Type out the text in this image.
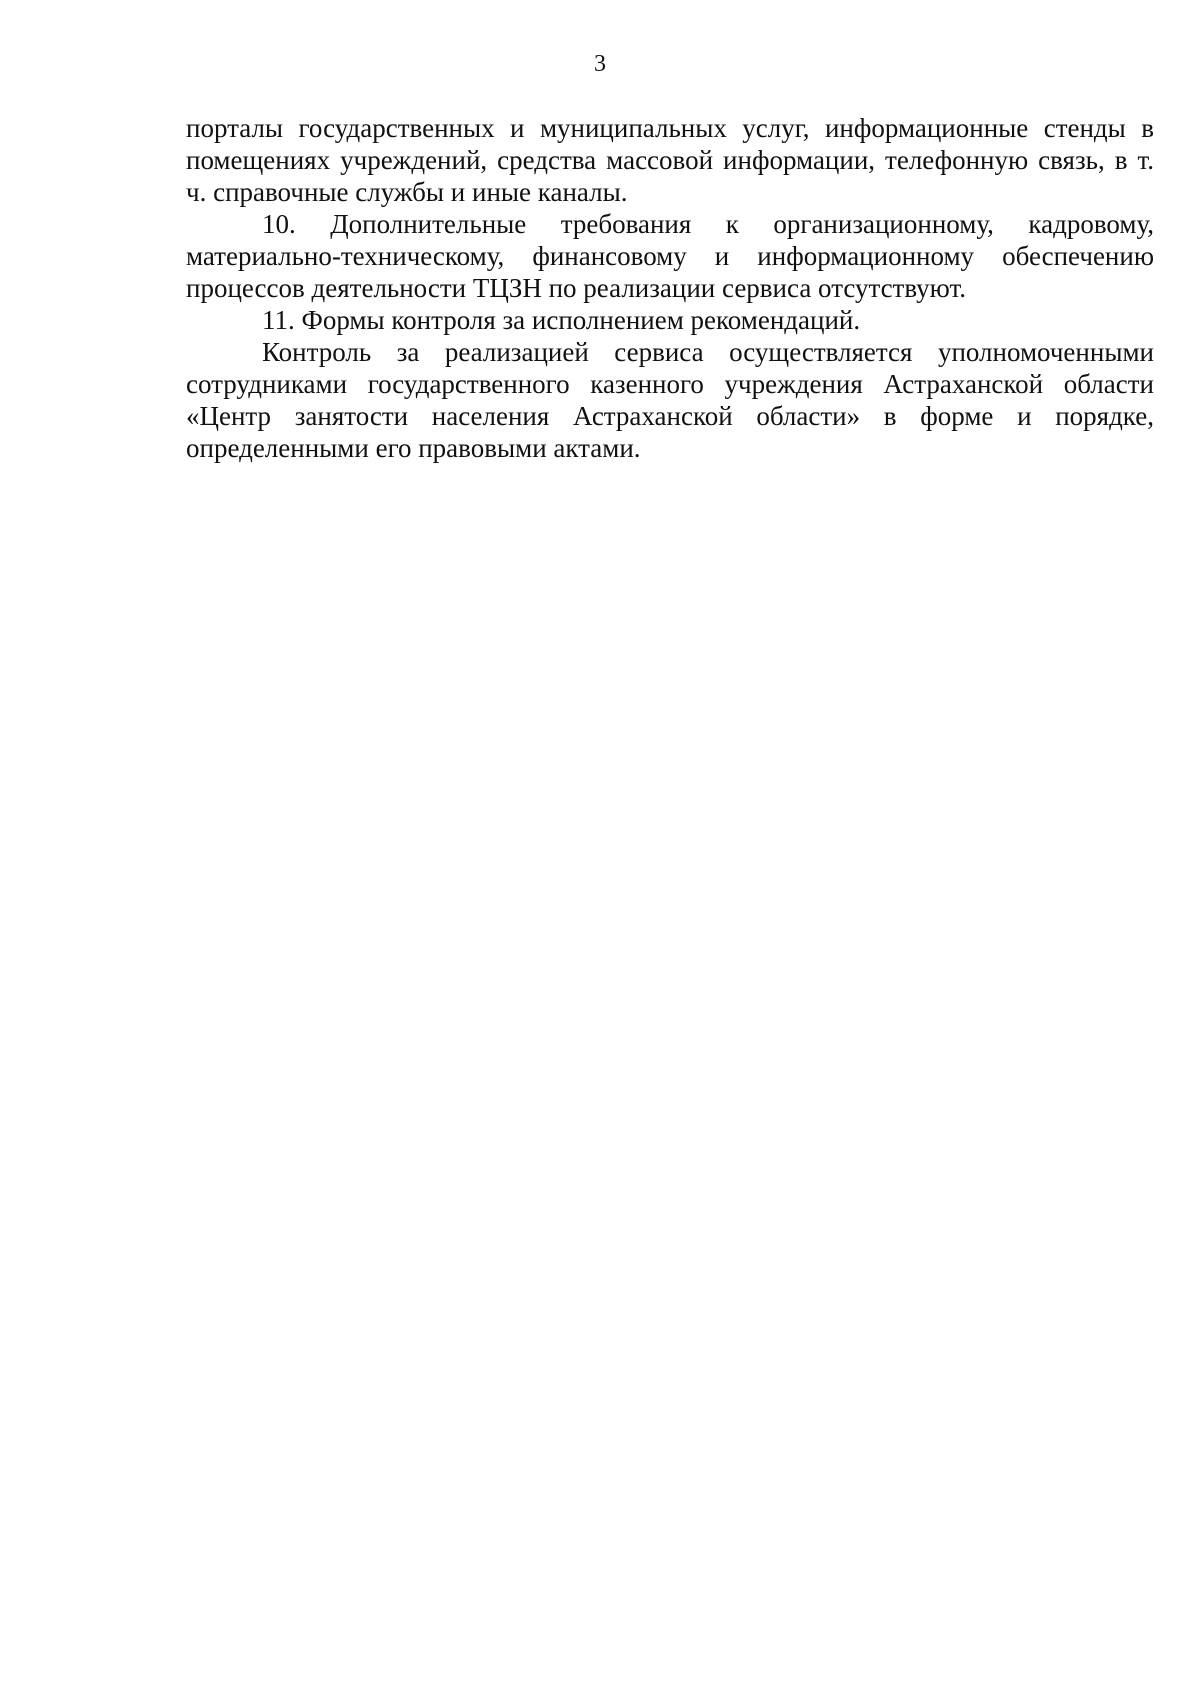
3

порталы государственных и муниципальных услуг, информационные стенды в помещениях учреждений, средства массовой информации, телефонную связь, в т. ч. справочные службы и иные каналы.

10. Дополнительные требования к организационному, кадровому, материально-техническому, финансовому и информационному обеспечению процессов деятельности ТЦЗН по реализации сервиса отсутствуют.

11. Формы контроля за исполнением рекомендаций.

Контроль за реализацией сервиса осуществляется уполномоченными сотрудниками государственного казенного учреждения Астраханской области «Центр занятости населения Астраханской области» в форме и порядке, определенными его правовыми актами.
